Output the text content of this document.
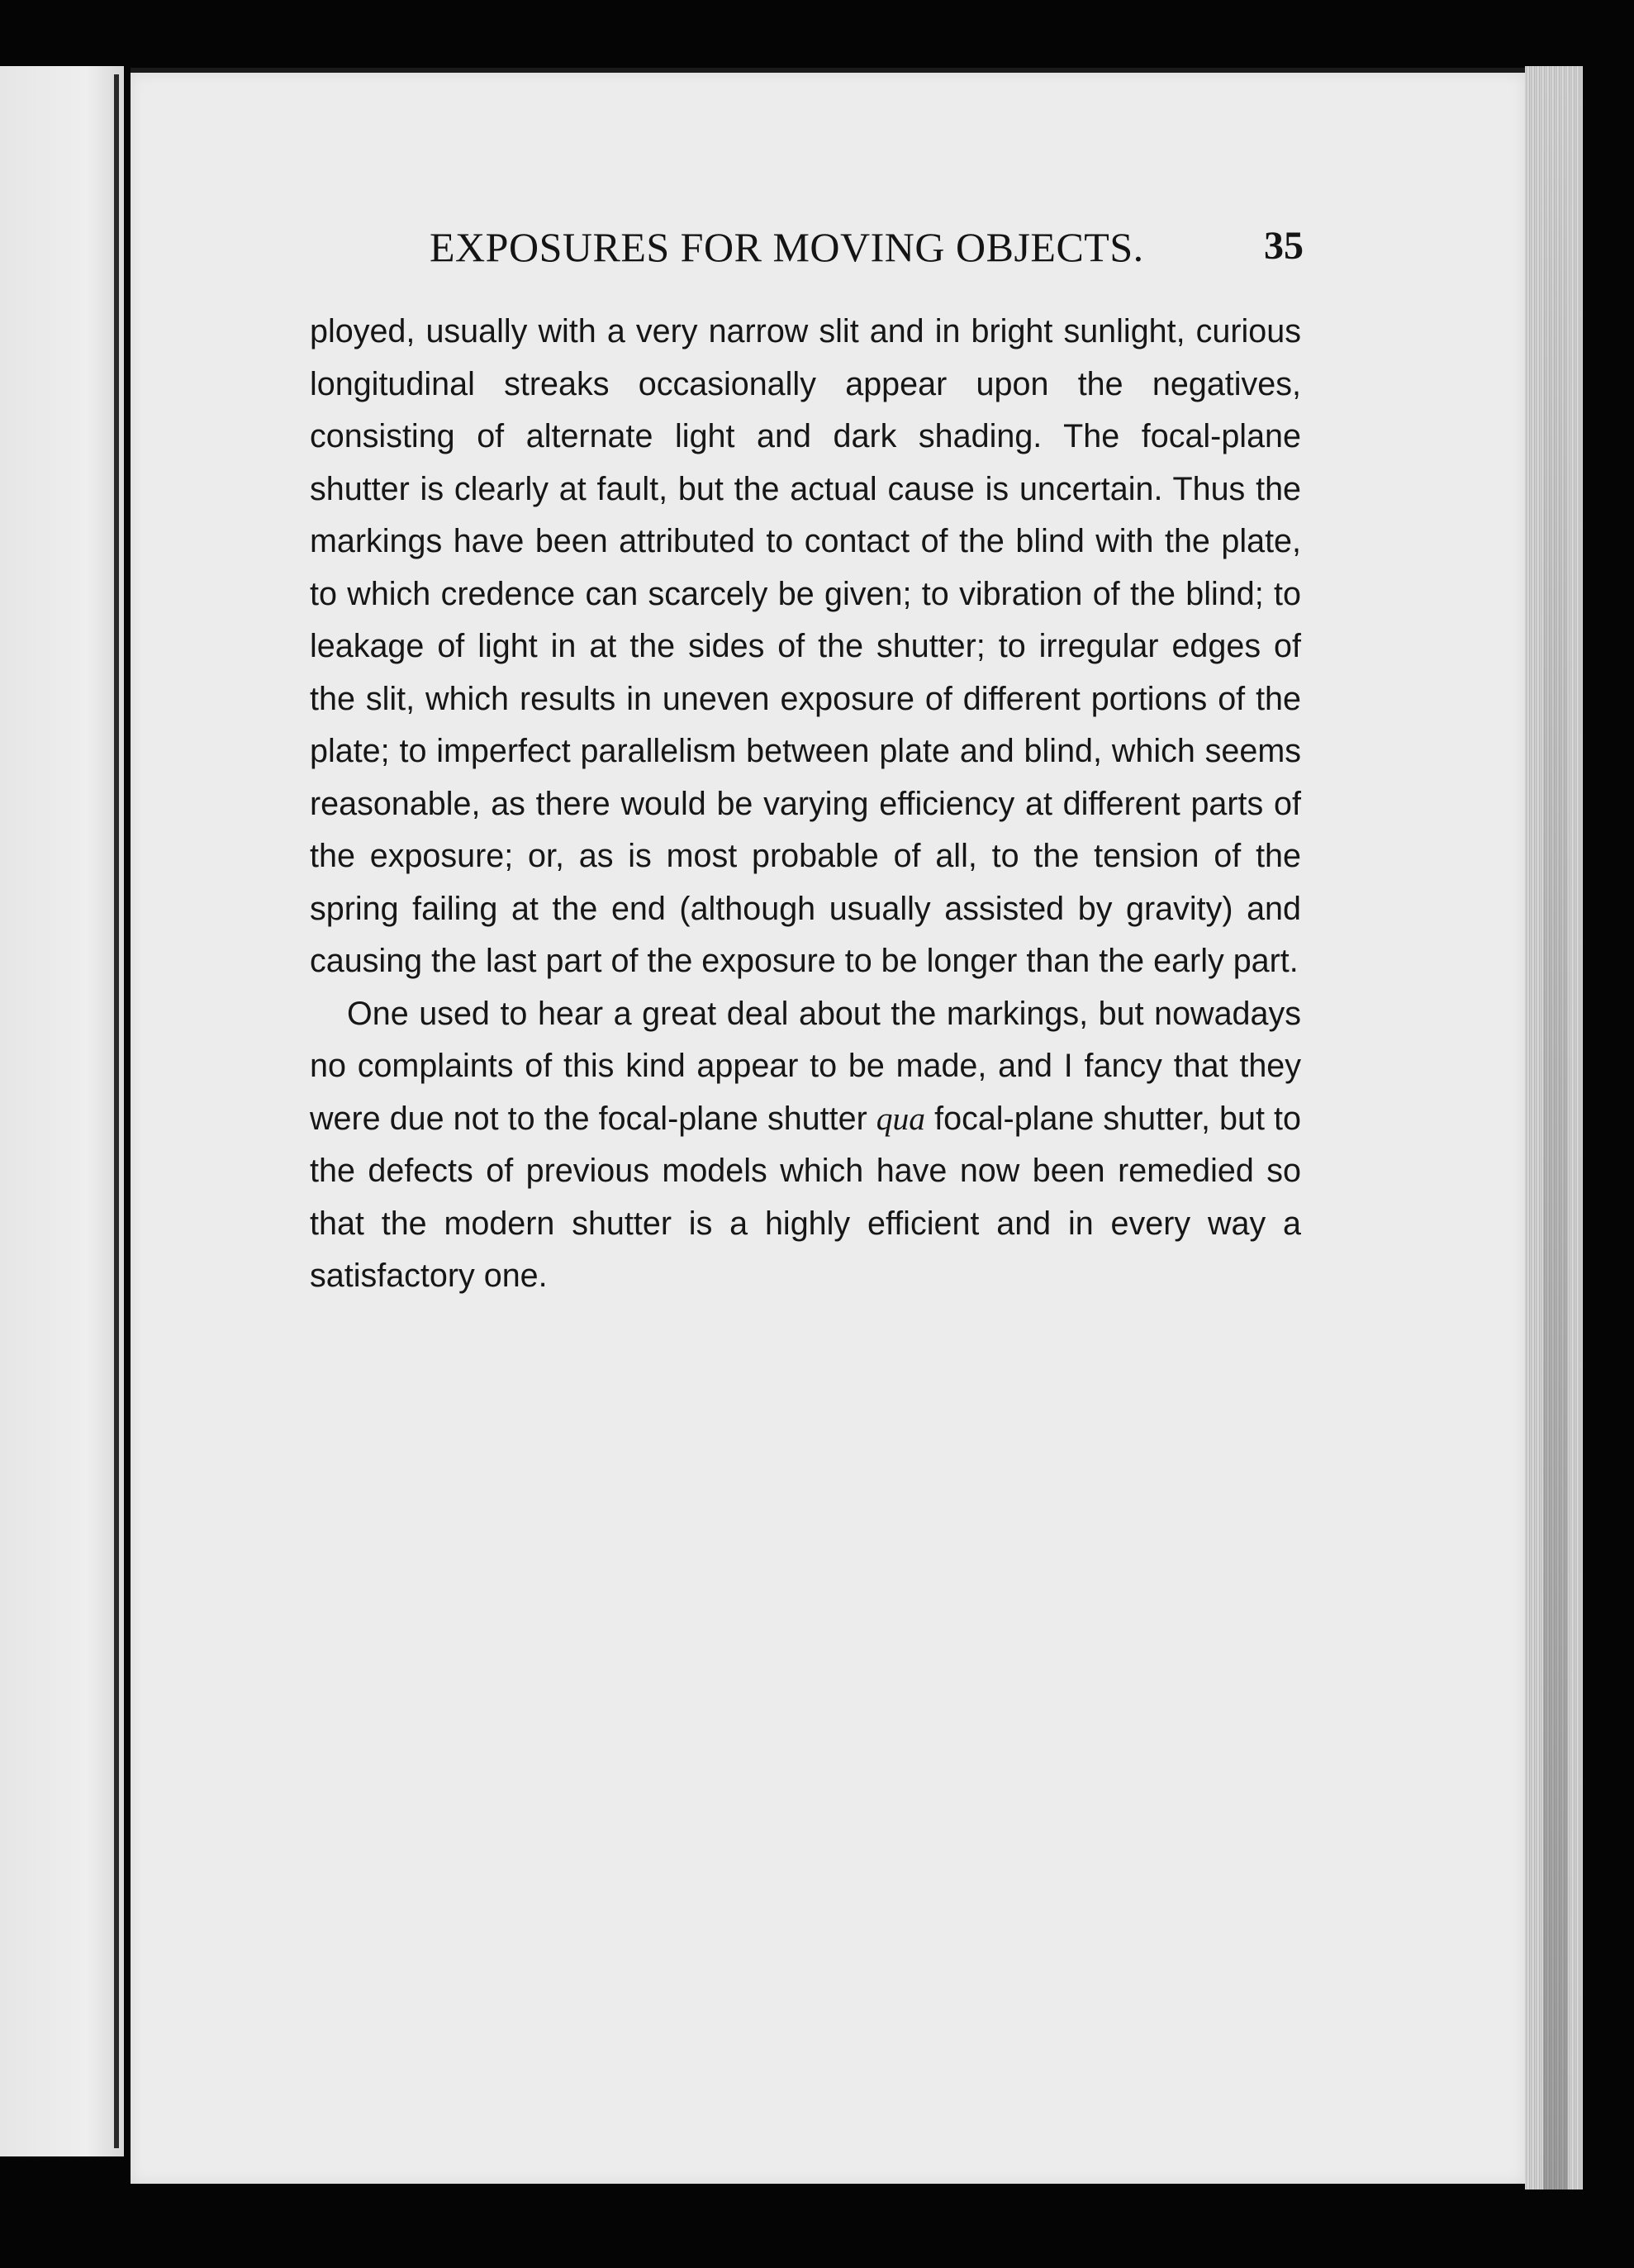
EXPOSURES FOR MOVING OBJECTS.	35

ployed, usually with a very narrow slit and in bright sunlight, curious longitudinal streaks occasionally appear upon the negatives, consisting of alternate light and dark shading. The focal-plane shutter is clearly at fault, but the actual cause is uncertain. Thus the markings have been attributed to contact of the blind with the plate, to which credence can scarcely be given; to vibration of the blind; to leakage of light in at the sides of the shutter; to irregular edges of the slit, which results in uneven exposure of different portions of the plate; to imperfect parallelism between plate and blind, which seems reasonable, as there would be varying efficiency at different parts of the exposure; or, as is most probable of all, to the tension of the spring failing at the end (although usually assisted by gravity) and causing the last part of the exposure to be longer than the early part.

One used to hear a great deal about the markings, but nowadays no complaints of this kind appear to be made, and I fancy that they were due not to the focal-plane shutter qua focal-plane shutter, but to the defects of previous models which have now been remedied so that the modern shutter is a highly efficient and in every way a satisfactory one.
